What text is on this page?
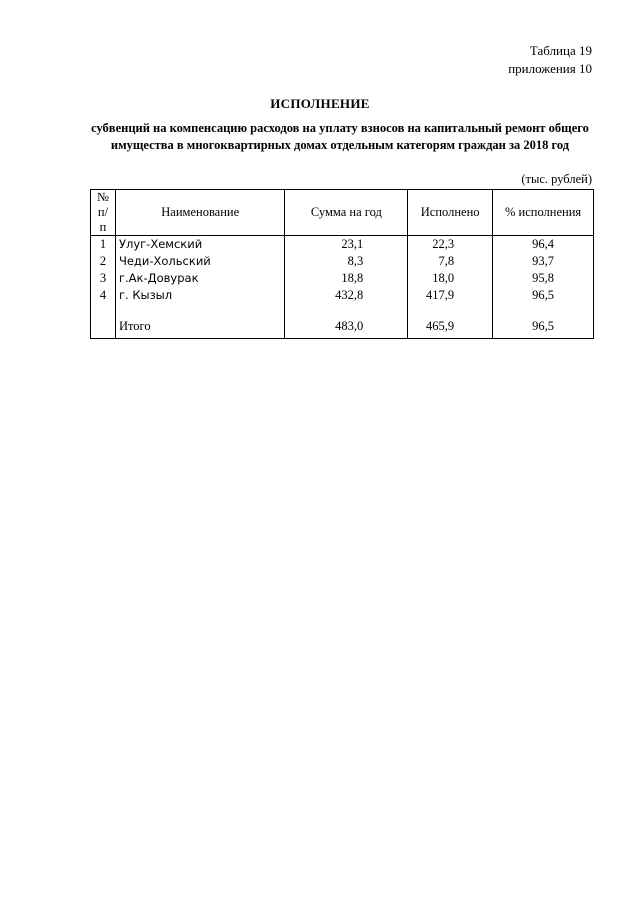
Таблица 19
приложения 10
ИСПОЛНЕНИЕ
субвенций на компенсацию расходов на уплату взносов на капитальный ремонт общего имущества в многоквартирных домах отдельным категорям граждан за 2018 год
(тыс. рублей)
№ п/п	Наименование	Сумма на год	Исполнено	% исполнения
1	Улуг-Хемский	23,1	22,3	96,4
2	Чеди-Хольский	8,3	7,8	93,7
3	г.Ак-Довурак	18,8	18,0	95,8
4	г. Кызыл	432,8	417,9	96,5

	Итого	483,0	465,9	96,5
